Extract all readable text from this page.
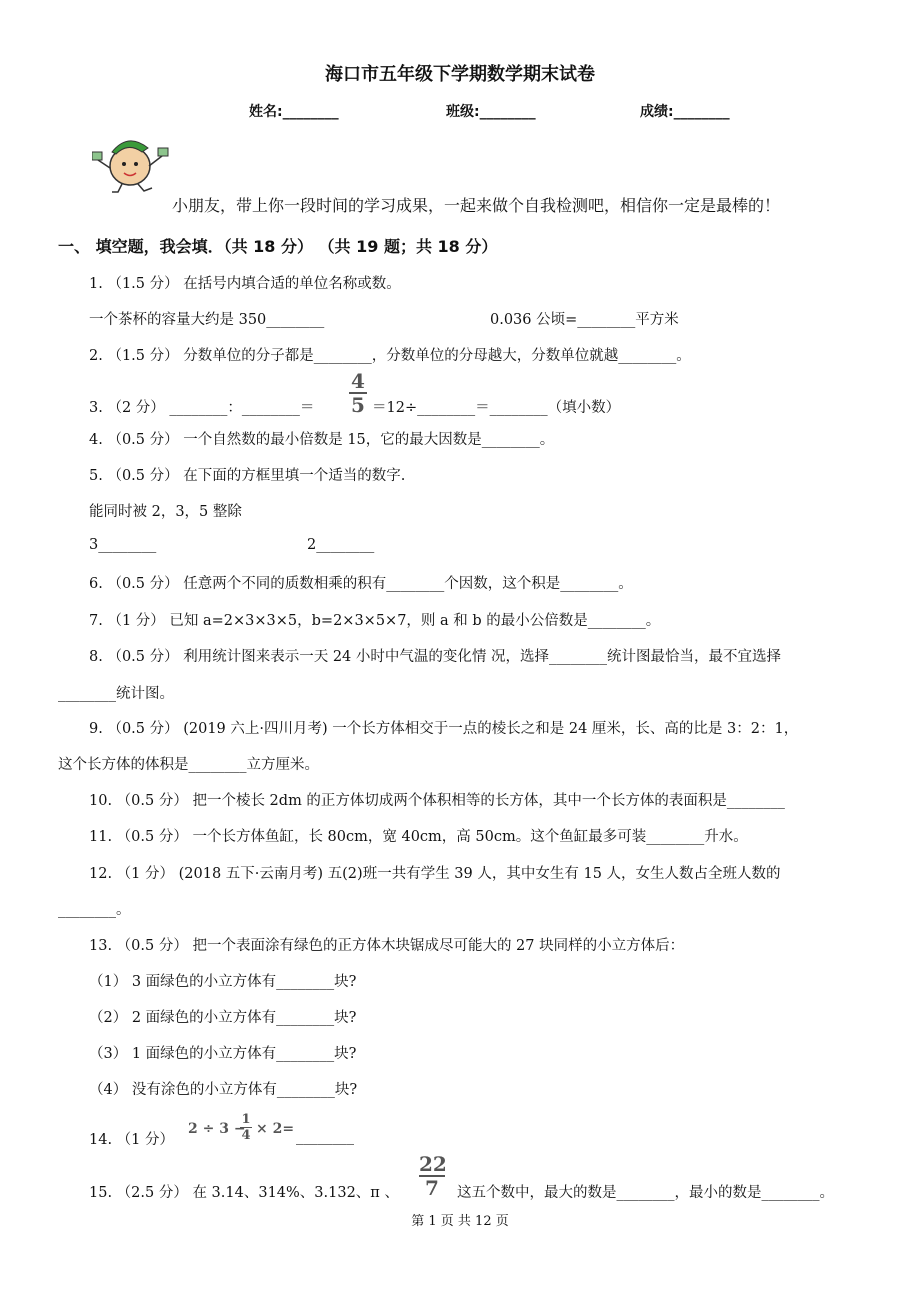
海口市五年级下学期数学期末试卷
姓名:________	班级:________	成绩:________
小朋友，带上你一段时间的学习成果，一起来做个自我检测吧，相信你一定是最棒的！
一、 填空题，我会填．（共 18 分） （共 19 题；共 18 分）
1. （1.5 分） 在括号内填合适的单位名称或数。
一个茶杯的容量大约是 350________	0.036 公顷=________平方米
2. （1.5 分） 分数单位的分子都是________，分数单位的分母越大，分数单位就越________。
3. （2 分） ________：________＝
4
5 ＝12÷________＝________（填小数）
4. （0.5 分） 一个自然数的最小倍数是 15，它的最大因数是________。
5. （0.5 分） 在下面的方框里填一个适当的数字.
能同时被 2，3，5 整除
3________	2________
6. （0.5 分） 任意两个不同的质数相乘的积有________个因数，这个积是________。
7. （1 分） 已知 a=2×3×3×5，b=2×3×5×7，则 a 和 b 的最小公倍数是________。
8. （0.5 分） 利用统计图来表示一天 24 小时中气温的变化情 况，选择________统计图最恰当，最不宜选择
________统计图。
9. （0.5 分） (2019 六上·四川月考) 一个长方体相交于一点的棱长之和是 24 厘米，长、高的比是 3：2：1，
这个长方体的体积是________立方厘米。
10. （0.5 分） 把一个棱长 2dm 的正方体切成两个体积相等的长方体，其中一个长方体的表面积是________
11. （0.5 分） 一个长方体鱼缸，长 80cm，宽 40cm，高 50cm。这个鱼缸最多可装________升水。
12. （1 分） (2018 五下·云南月考) 五(2)班一共有学生 39 人，其中女生有 15 人，女生人数占全班人数的
________。
13. （0.5 分） 把一个表面涂有绿色的正方体木块锯成尽可能大的 27 块同样的小立方体后：
（1） 3 面绿色的小立方体有________块?
（2） 2 面绿色的小立方体有________块?
（3） 1 面绿色的小立方体有________块?
（4） 没有涂色的小立方体有________块?
14. （1 分）
2 ÷ 3 −
1
4 × 2= ________
15. （2.5 分） 在 3.14、314%、3.132、π 、
22
7	这五个数中，最大的数是________，最小的数是________。
第 1 页 共 12 页
